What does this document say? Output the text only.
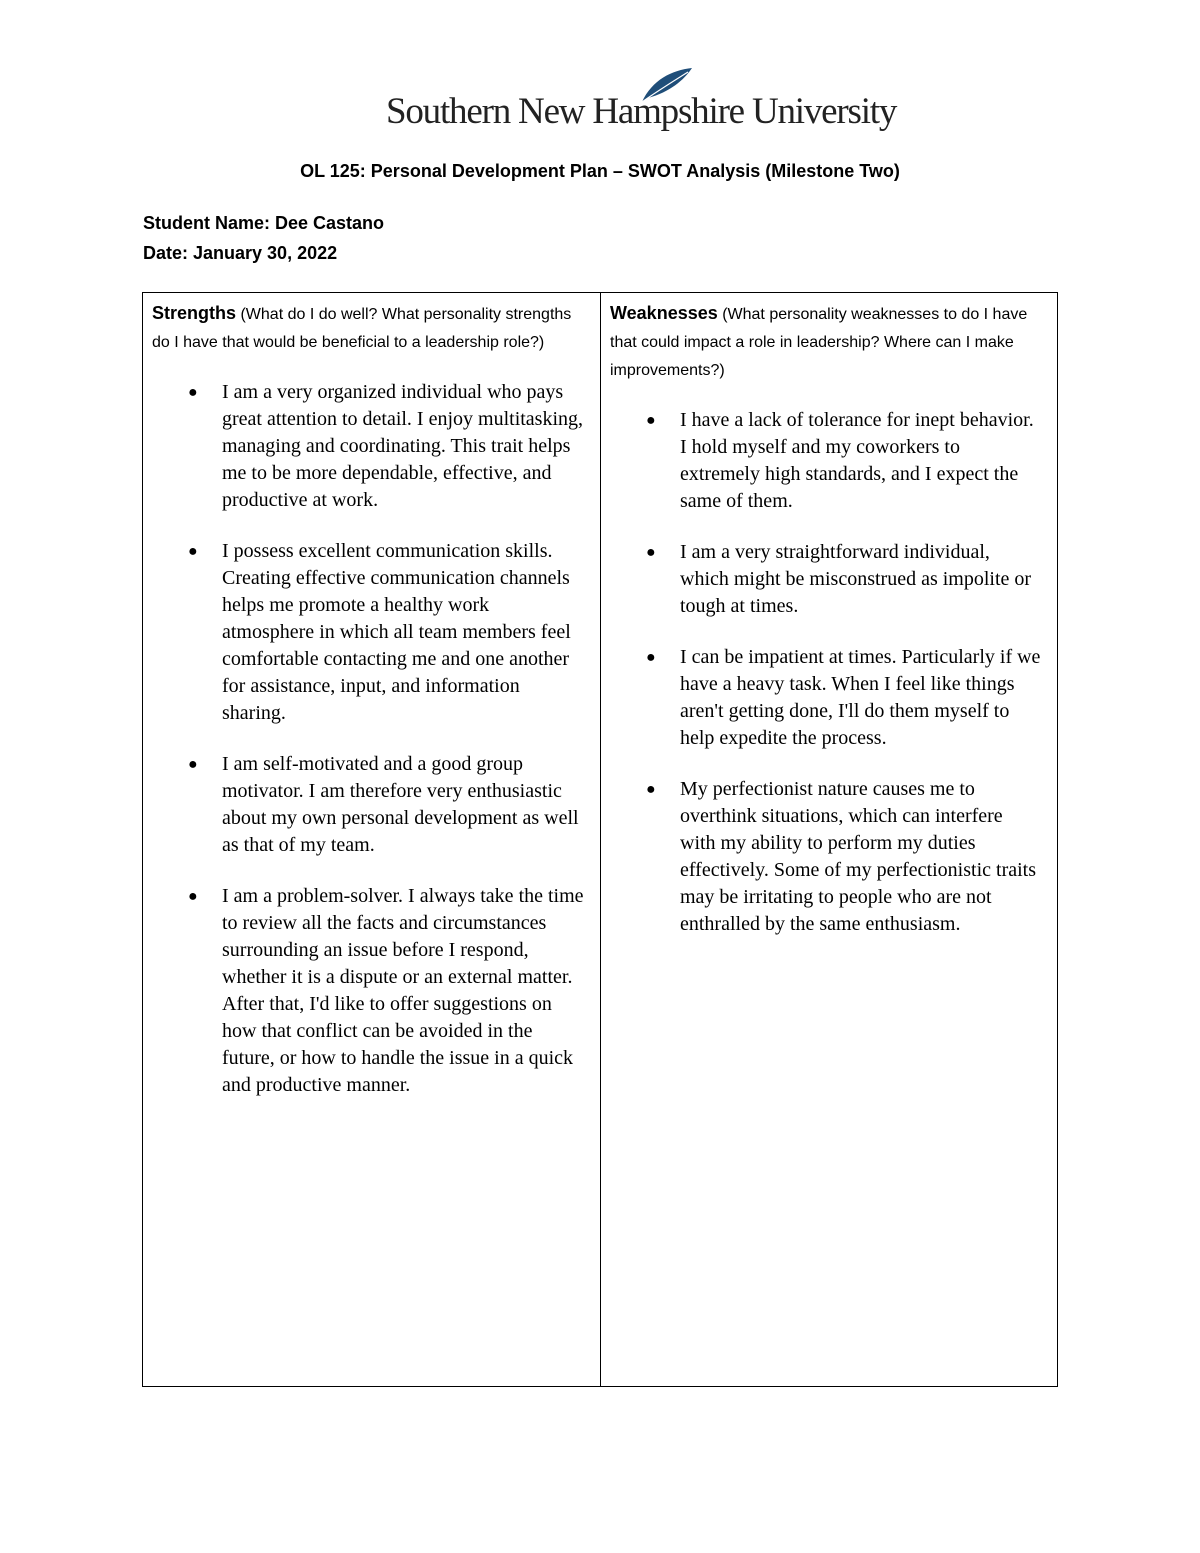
Southern New Hampshire University
OL 125: Personal Development Plan – SWOT Analysis (Milestone Two)
Student Name: Dee Castano
Date: January 30, 2022

Strengths (What do I do well? What personality strengths do I have that would be beneficial to a leadership role?)

● I am a very organized individual who pays great attention to detail. I enjoy multitasking, managing and coordinating. This trait helps me to be more dependable, effective, and productive at work.
● I possess excellent communication skills. Creating effective communication channels helps me promote a healthy work atmosphere in which all team members feel comfortable contacting me and one another for assistance, input, and information sharing.
● I am self-motivated and a good group motivator. I am therefore very enthusiastic about my own personal development as well as that of my team.
● I am a problem-solver. I always take the time to review all the facts and circumstances surrounding an issue before I respond, whether it is a dispute or an external matter. After that, I'd like to offer suggestions on how that conflict can be avoided in the future, or how to handle the issue in a quick and productive manner.

Weaknesses (What personality weaknesses to do I have that could impact a role in leadership? Where can I make improvements?)

● I have a lack of tolerance for inept behavior. I hold myself and my coworkers to extremely high standards, and I expect the same of them.
● I am a very straightforward individual, which might be misconstrued as impolite or tough at times.
● I can be impatient at times. Particularly if we have a heavy task. When I feel like things aren't getting done, I'll do them myself to help expedite the process.
● My perfectionist nature causes me to overthink situations, which can interfere with my ability to perform my duties effectively. Some of my perfectionistic traits may be irritating to people who are not enthralled by the same enthusiasm.
